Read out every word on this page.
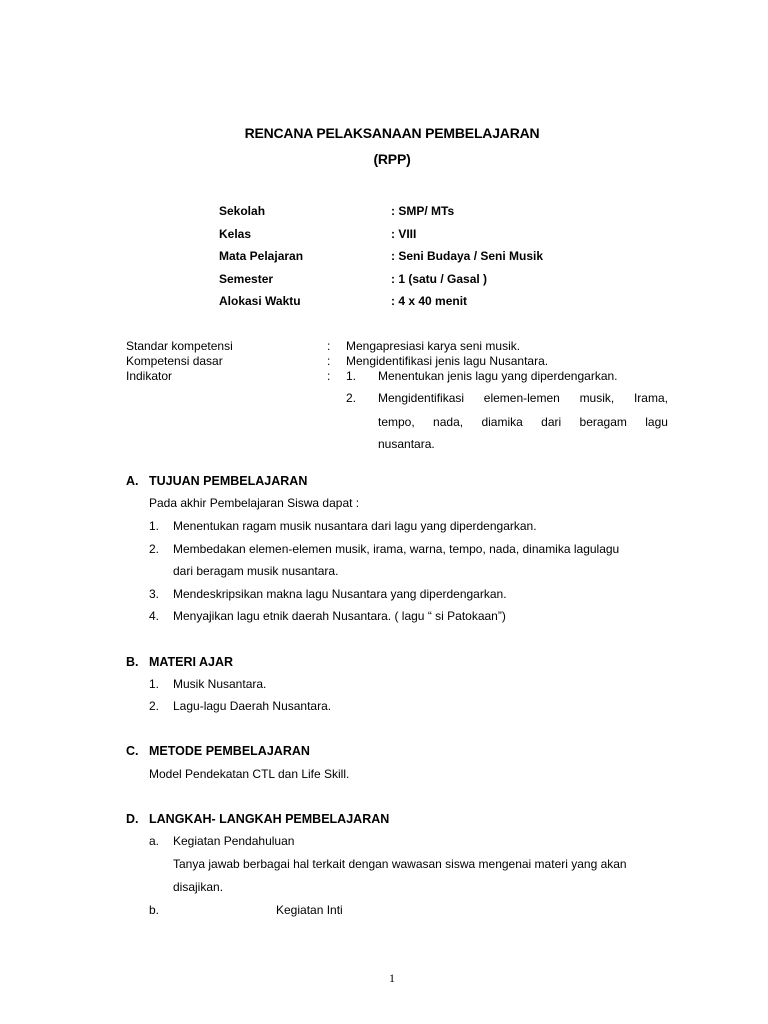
RENCANA PELAKSANAAN PEMBELAJARAN
(RPP)
Sekolah	: SMP/ MTs
Kelas	: VIII
Mata Pelajaran	: Seni Budaya / Seni Musik
Semester	: 1 (satu / Gasal )
Alokasi Waktu	: 4 x 40 menit
Standar kompetensi	: Mengapresiasi karya seni musik.
Kompetensi dasar	: Mengidentifikasi jenis lagu Nusantara.
Indikator	: 1. Menentukan jenis lagu yang diperdengarkan.
2. Mengidentifikasi elemen-lemen musik, Irama,
tempo, nada, diamika dari beragam lagu
nusantara.
A. TUJUAN PEMBELAJARAN
Pada akhir Pembelajaran Siswa dapat :
1. Menentukan ragam musik nusantara dari lagu yang diperdengarkan.
2. Membedakan elemen-elemen musik, irama, warna, tempo, nada, dinamika lagulagu
dari beragam musik nusantara.
3. Mendeskripsikan makna lagu Nusantara yang diperdengarkan.
4. Menyajikan lagu etnik daerah Nusantara. ( lagu “ si Patokaan”)
B. MATERI AJAR
1. Musik Nusantara.
2. Lagu-lagu Daerah Nusantara.
C. METODE PEMBELAJARAN
Model Pendekatan CTL dan Life Skill.
D. LANGKAH- LANGKAH PEMBELAJARAN
a. Kegiatan Pendahuluan
Tanya jawab berbagai hal terkait dengan wawasan siswa mengenai materi yang akan
disajikan.
b.	Kegiatan Inti
1
